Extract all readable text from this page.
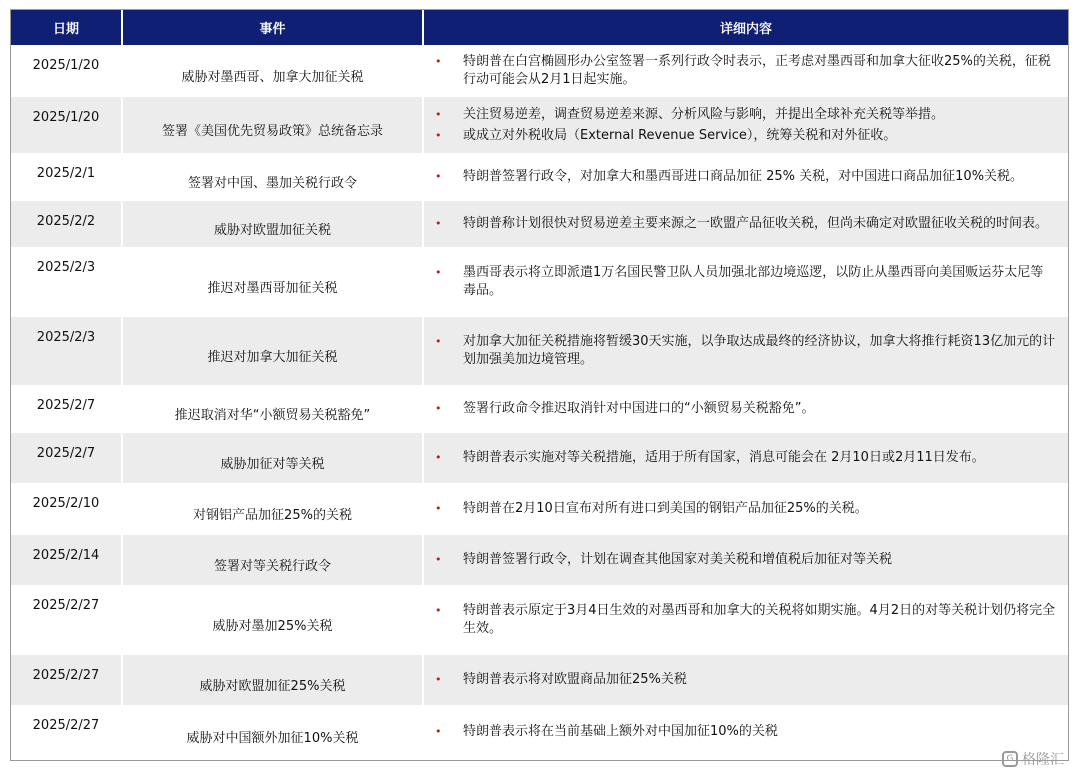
日期	事件	详细内容
2025/1/20	威胁对墨西哥、加拿大加征关税	• 特朗普在白宫椭圆形办公室签署一系列行政令时表示，正考虑对墨西哥和加拿大征收25%的关税，征税行动可能会从2月1日起实施。

2025/1/20	签署《美国优先贸易政策》总统备忘录	• 关注贸易逆差，调查贸易逆差来源、分析风险与影响，并提出全球补充关税等举措。
• 或成立对外税收局（External Revenue Service），统筹关税和对外征收。

2025/2/1	签署对中国、墨加关税行政令	• 特朗普签署行政令，对加拿大和墨西哥进口商品加征 25% 关税，对中国进口商品加征10%关税。

2025/2/2	威胁对欧盟加征关税	• 特朗普称计划很快对贸易逆差主要来源之一欧盟产品征收关税，但尚未确定对欧盟征收关税的时间表。

2025/2/3	推迟对墨西哥加征关税	• 墨西哥表示将立即派遣1万名国民警卫队人员加强北部边境巡逻，以防止从墨西哥向美国贩运芬太尼等毒品。

2025/2/3	推迟对加拿大加征关税	• 对加拿大加征关税措施将暂缓30天实施，以争取达成最终的经济协议，加拿大将推行耗资13亿加元的计划加强美加边境管理。

2025/2/7	推迟取消对华“小额贸易关税豁免”	• 签署行政命令推迟取消针对中国进口的“小额贸易关税豁免”。

2025/2/7	威胁加征对等关税	• 特朗普表示实施对等关税措施，适用于所有国家，消息可能会在 2月10日或2月11日发布。

2025/2/10	对钢铝产品加征25%的关税	• 特朗普在2月10日宣布对所有进口到美国的钢铝产品加征25%的关税。

2025/2/14	签署对等关税行政令	• 特朗普签署行政令，计划在调查其他国家对美关税和增值税后加征对等关税

2025/2/27	威胁对墨加25%关税	• 特朗普表示原定于3月4日生效的对墨西哥和加拿大的关税将如期实施。4月2日的对等关税计划仍将完全生效。

2025/2/27	威胁对欧盟加征25%关税	• 特朗普表示将对欧盟商品加征25%关税

2025/2/27	威胁对中国额外加征10%关税	• 特朗普表示将在当前基础上额外对中国加征10%的关税
G 格隆汇
